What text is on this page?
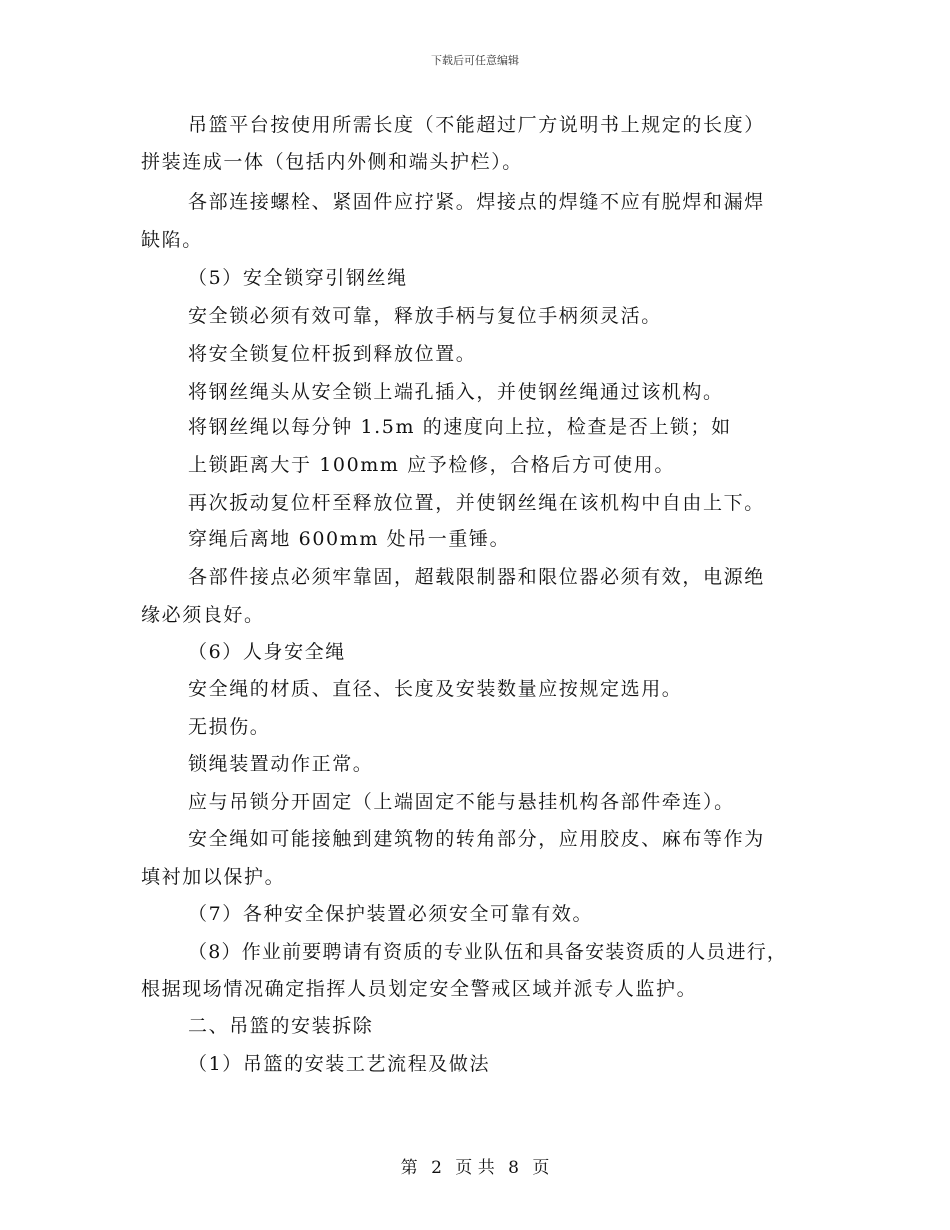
下载后可任意编辑
吊篮平台按使用所需长度（不能超过厂方说明书上规定的长度）
拼装连成一体（包括内外侧和端头护栏）。
各部连接螺栓、紧固件应拧紧。焊接点的焊缝不应有脱焊和漏焊
缺陷。
（5）安全锁穿引钢丝绳
安全锁必须有效可靠，释放手柄与复位手柄须灵活。
将安全锁复位杆扳到释放位置。
将钢丝绳头从安全锁上端孔插入，并使钢丝绳通过该机构。
将钢丝绳以每分钟 1.5m 的速度向上拉，检查是否上锁；如
上锁距离大于 100mm 应予检修，合格后方可使用。
再次扳动复位杆至释放位置，并使钢丝绳在该机构中自由上下。
穿绳后离地 600mm 处吊一重锤。
各部件接点必须牢靠固，超载限制器和限位器必须有效，电源绝
缘必须良好。
（6）人身安全绳
安全绳的材质、直径、长度及安装数量应按规定选用。
无损伤。
锁绳装置动作正常。
应与吊锁分开固定（上端固定不能与悬挂机构各部件牵连）。
安全绳如可能接触到建筑物的转角部分，应用胶皮、麻布等作为
填衬加以保护。
（7）各种安全保护装置必须安全可靠有效。
（8）作业前要聘请有资质的专业队伍和具备安装资质的人员进行，
根据现场情况确定指挥人员划定安全警戒区域并派专人监护。
二、吊篮的安装拆除
（1）吊篮的安装工艺流程及做法
第 2 页 共 8 页
